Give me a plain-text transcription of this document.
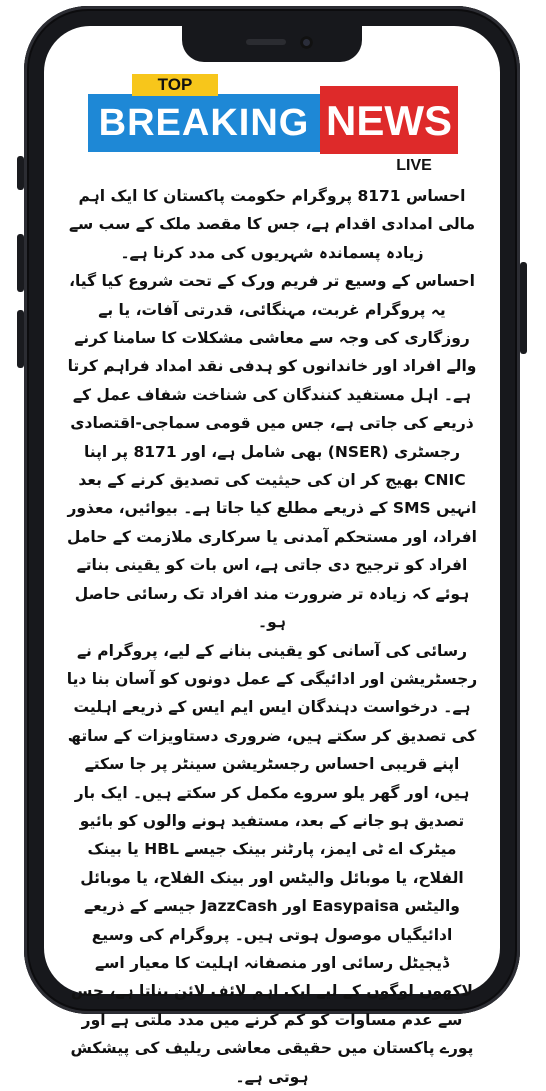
BREAKING NEWS
TOP
LIVE

احساس 8171 پروگرام حکومت پاکستان کا ایک اہم مالی امدادی اقدام ہے، جس کا مقصد ملک کے سب سے زیادہ پسماندہ شہریوں کی مدد کرنا ہے۔

احساس کے وسیع تر فریم ورک کے تحت شروع کیا گیا، یہ پروگرام غربت، مہنگائی، قدرتی آفات، یا بے روزگاری کی وجہ سے معاشی مشکلات کا سامنا کرنے والے افراد اور خاندانوں کو ہدفی نقد امداد فراہم کرتا ہے۔ اہل مستفید کنندگان کی شناخت شفاف عمل کے ذریعے کی جاتی ہے، جس میں قومی سماجی-اقتصادی رجسٹری (NSER) بھی شامل ہے، اور 8171 پر اپنا CNIC بھیج کر ان کی حیثیت کی تصدیق کرنے کے بعد انہیں SMS کے ذریعے مطلع کیا جاتا ہے۔ بیوائیں، معذور افراد، اور مستحکم آمدنی یا سرکاری ملازمت کے حامل افراد کو ترجیح دی جاتی ہے، اس بات کو یقینی بناتے ہوئے کہ زیادہ تر ضرورت مند افراد تک رسائی حاصل ہو۔

رسائی کی آسانی کو یقینی بنانے کے لیے، پروگرام نے رجسٹریشن اور ادائیگی کے عمل دونوں کو آسان بنا دیا ہے۔ درخواست دہندگان ایس ایم ایس کے ذریعے اہلیت کی تصدیق کر سکتے ہیں، ضروری دستاویزات کے ساتھ اپنے قریبی احساس رجسٹریشن سینٹر پر جا سکتے ہیں، اور گھر یلو سروے مکمل کر سکتے ہیں۔ ایک بار تصدیق ہو جانے کے بعد، مستفید ہونے والوں کو بائیو میٹرک اے ٹی ایمز، پارٹنر بینک جیسے HBL یا بینک الفلاح، یا موبائل والیٹس اور بینک الفلاح، یا موبائل والیٹس Easypaisa اور JazzCash جیسے کے ذریعے ادائیگیاں موصول ہوتی ہیں۔ پروگرام کی وسیع ڈیجیٹل رسائی اور منصفانہ اہلیت کا معیار اسے لاکھوں لوگوں کے لیے ایک اہم لائف لائن بناتا ہے، جس سے عدم مساوات کو کم کرنے میں مدد ملتی ہے اور پورے پاکستان میں حقیقی معاشی ریلیف کی پیشکش ہوتی ہے۔
